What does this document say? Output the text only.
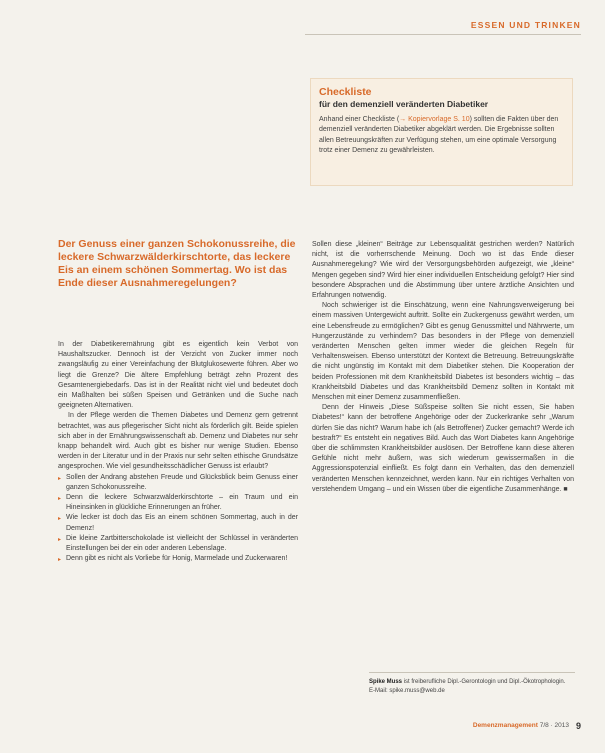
ESSEN UND TRINKEN
Checkliste
für den demenziell veränderten Diabetiker
Anhand einer Checkliste (→ Kopiervorlage S. 10) sollten die Fakten über den demenziell veränderten Diabetiker abgeklärt werden. Die Ergebnisse sollten allen Betreuungskräften zur Verfügung stehen, um eine optimale Versorgung trotz einer Demenz zu gewährleisten.
Der Genuss einer ganzen Schokonussreihe, die leckere Schwarzwälderkirschtorte, das leckere Eis an einem schönen Sommertag. Wo ist das Ende dieser Ausnahmeregelungen?

In der Diabetikerernährung gibt es eigentlich kein Verbot von Haushaltszucker. Dennoch ist der Verzicht von Zucker immer noch zwangsläufig zu einer Vereinfachung der Blutglukosewerte führen. Aber wo liegt die Grenze? Die ältere Empfehlung beträgt zehn Prozent des Gesamtenergiebedarfs. Das ist in der Realität nicht viel und bedeutet doch ein Maßhalten bei süßen Speisen und Getränken und die Suche nach geeigneten Alternativen.

In der Pflege werden die Themen Diabetes und Demenz gern getrennt betrachtet, was aus pflegerischer Sicht nicht als förderlich gilt. Beide spielen sich aber in der Ernährungswissenschaft ab. Demenz und Diabetes nur sehr knapp behandelt wird. Auch gibt es bisher nur wenige Studien. Ebenso werden in der Literatur und in der Praxis nur sehr selten ethische Grundsätze angesprochen. Wie viel gesundheitsschädlicher Genuss ist erlaubt?

▸ Sollen der Andrang abstehen Freude und Glücksblick beim Genuss einer ganzen Schokonussreihe.
▸ Denn die leckere Schwarzwälderkirschtorte – ein Traum und ein Hineinsinken in glückliche Erinnerungen an früher.
▸ Wie lecker ist doch das Eis an einem schönen Sommertag, auch in der Demenz!
▸ Die kleine Zartbitterschokolade ist vielleicht der Schlüssel in veränderten Einstellungen bei der ein oder anderen Lebenslage.
▸ Denn gibt es nicht als Vorliebe für Honig, Marmelade und Zuckerwaren!

Sollen diese „kleinen“ Beiträge zur Lebensqualität gestrichen werden? Natürlich nicht, ist die vorherrschende Meinung. Doch wo ist das Ende dieser Ausnahmeregelung? Wie wird der Versorgungsbehörden aufgezeigt, wie „kleine“ Mengen gegeben sind? Wird hier einer individuellen Entscheidung gefolgt? Hier sind besondere Absprachen und die Abstimmung über untere ärztliche Ansichten und Erfahrungen notwendig.

Noch schwieriger ist die Einschätzung, wenn eine Nahrungsverweigerung bei einem massiven Untergewicht auftritt. Sollte ein Zuckergenuss gewährt werden, um eine Lebensfreude zu ermöglichen? Gibt es genug Genussmittel und Nährwerte, um Hungerzustände zu verhindern? Das besonders in der Pflege von demenziell veränderten Menschen gelten immer wieder die gleichen Regeln für Verhaltensweisen. Ebenso unterstützt der Kontext die Betreuung. Betreuungskräfte die nicht ungünstig im Kontakt mit dem Diabetiker stehen. Die Kooperation der beiden Professionen mit dem Krankheitsbild Diabetes ist besonders wichtig – das Krankheitsbild Diabetes und das Krankheitsbild Demenz sollten in Kontakt mit Menschen mit einer Demenz zusammenfließen.

Denn der Hinweis „Diese Süßspeise sollten Sie nicht essen, Sie haben Diabetes!“ kann der betroffene Angehörige oder der Zuckerkranke sehr „Warum dürfen Sie das nicht? Warum habe ich (als Betroffener) Zucker gemacht? Werde ich bestraft?“ Es entsteht ein negatives Bild. Auch das Wort Diabetes kann Angehörige über die schlimmsten Krankheitsbilder auslösen. Der Betroffene kann diese älteren Gefühle nicht mehr äußern, was sich wiederum gewissermaßen in die Aggressionspotenzial einfließt. Es folgt dann ein Verhalten, das den demenziell veränderten Menschen kennzeichnet, werden kann. Nur ein richtiges Verhalten von verstehendem Umgang – und ein Wissen über die eigentliche Zusammenhänge. ■

Spike Muss ist freiberufliche Dipl.-Gerontologin und Dipl.-Ökotrophologin.
E-Mail: spike.muss@web.de
Demenzmanagement 7/8 · 2013 9
